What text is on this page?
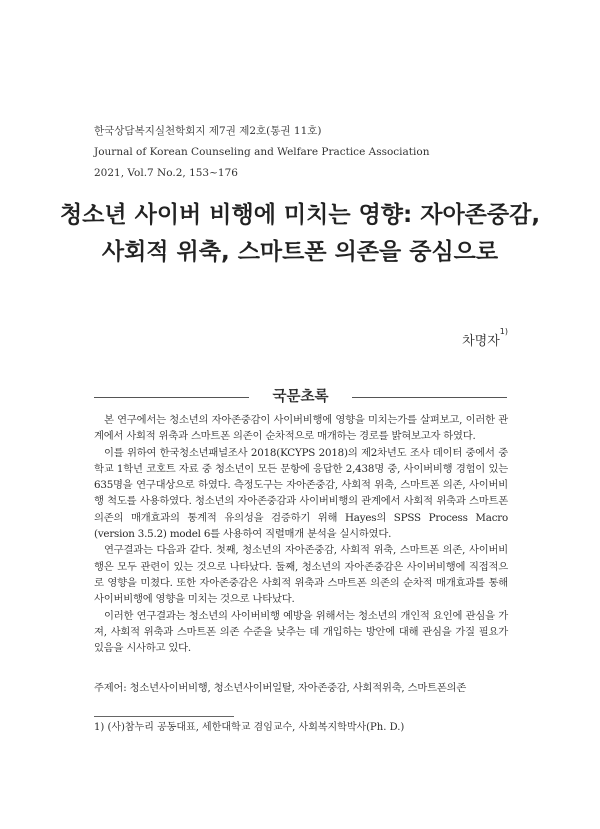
한국상담복지실천학회지 제7권 제2호(통권 11호)
Journal of Korean Counseling and Welfare Practice Association
2021, Vol.7 No.2, 153~176
청소년 사이버 비행에 미치는 영향: 자아존중감,
사회적 위축, 스마트폰 의존을 중심으로
차명자$^{1)}$
국문초록

본 연구에서는 청소년의 자아존중감이 사이버비행에 영향을 미치는가를 살펴보고, 이러한 관계에서 사회적 위축과 스마트폰 의존이 순차적으로 매개하는 경로를 밝혀보고자 하였다.

이를 위하여 한국청소년패널조사 2018(KCYPS 2018)의 제2차년도 조사 데이터 중에서 중학교 1학년 코호트 자료 중 청소년이 모든 문항에 응답한 2,438명 중, 사이버비행 경험이 있는 635명을 연구대상으로 하였다. 측정도구는 자아존중감, 사회적 위축, 스마트폰 의존, 사이버비행 척도를 사용하였다. 청소년의 자아존중감과 사이버비행의 관계에서 사회적 위축과 스마트폰 의존의 매개효과의 통계적 유의성을 검증하기 위해 Hayes의 SPSS Process Macro (version 3.5.2) model 6를 사용하여 직렬매개 분석을 실시하였다.

연구결과는 다음과 같다. 첫째, 청소년의 자아존중감, 사회적 위축, 스마트폰 의존, 사이버비행은 모두 관련이 있는 것으로 나타났다. 둘째, 청소년의 자아존중감은 사이버비행에 직접적으로 영향을 미쳤다. 또한 자아존중감은 사회적 위축과 스마트폰 의존의 순차적 매개효과를 통해 사이버비행에 영향을 미치는 것으로 나타났다.

이러한 연구결과는 청소년의 사이버비행 예방을 위해서는 청소년의 개인적 요인에 관심을 가져, 사회적 위축과 스마트폰 의존 수준을 낮추는 데 개입하는 방안에 대해 관심을 가질 필요가 있음을 시사하고 있다.

주제어: 청소년사이버비행, 청소년사이버일탈, 자아존중감, 사회적위축, 스마트폰의존
1) (사)참누리 공동대표, 세한대학교 겸임교수, 사회복지학박사(Ph. D.)
